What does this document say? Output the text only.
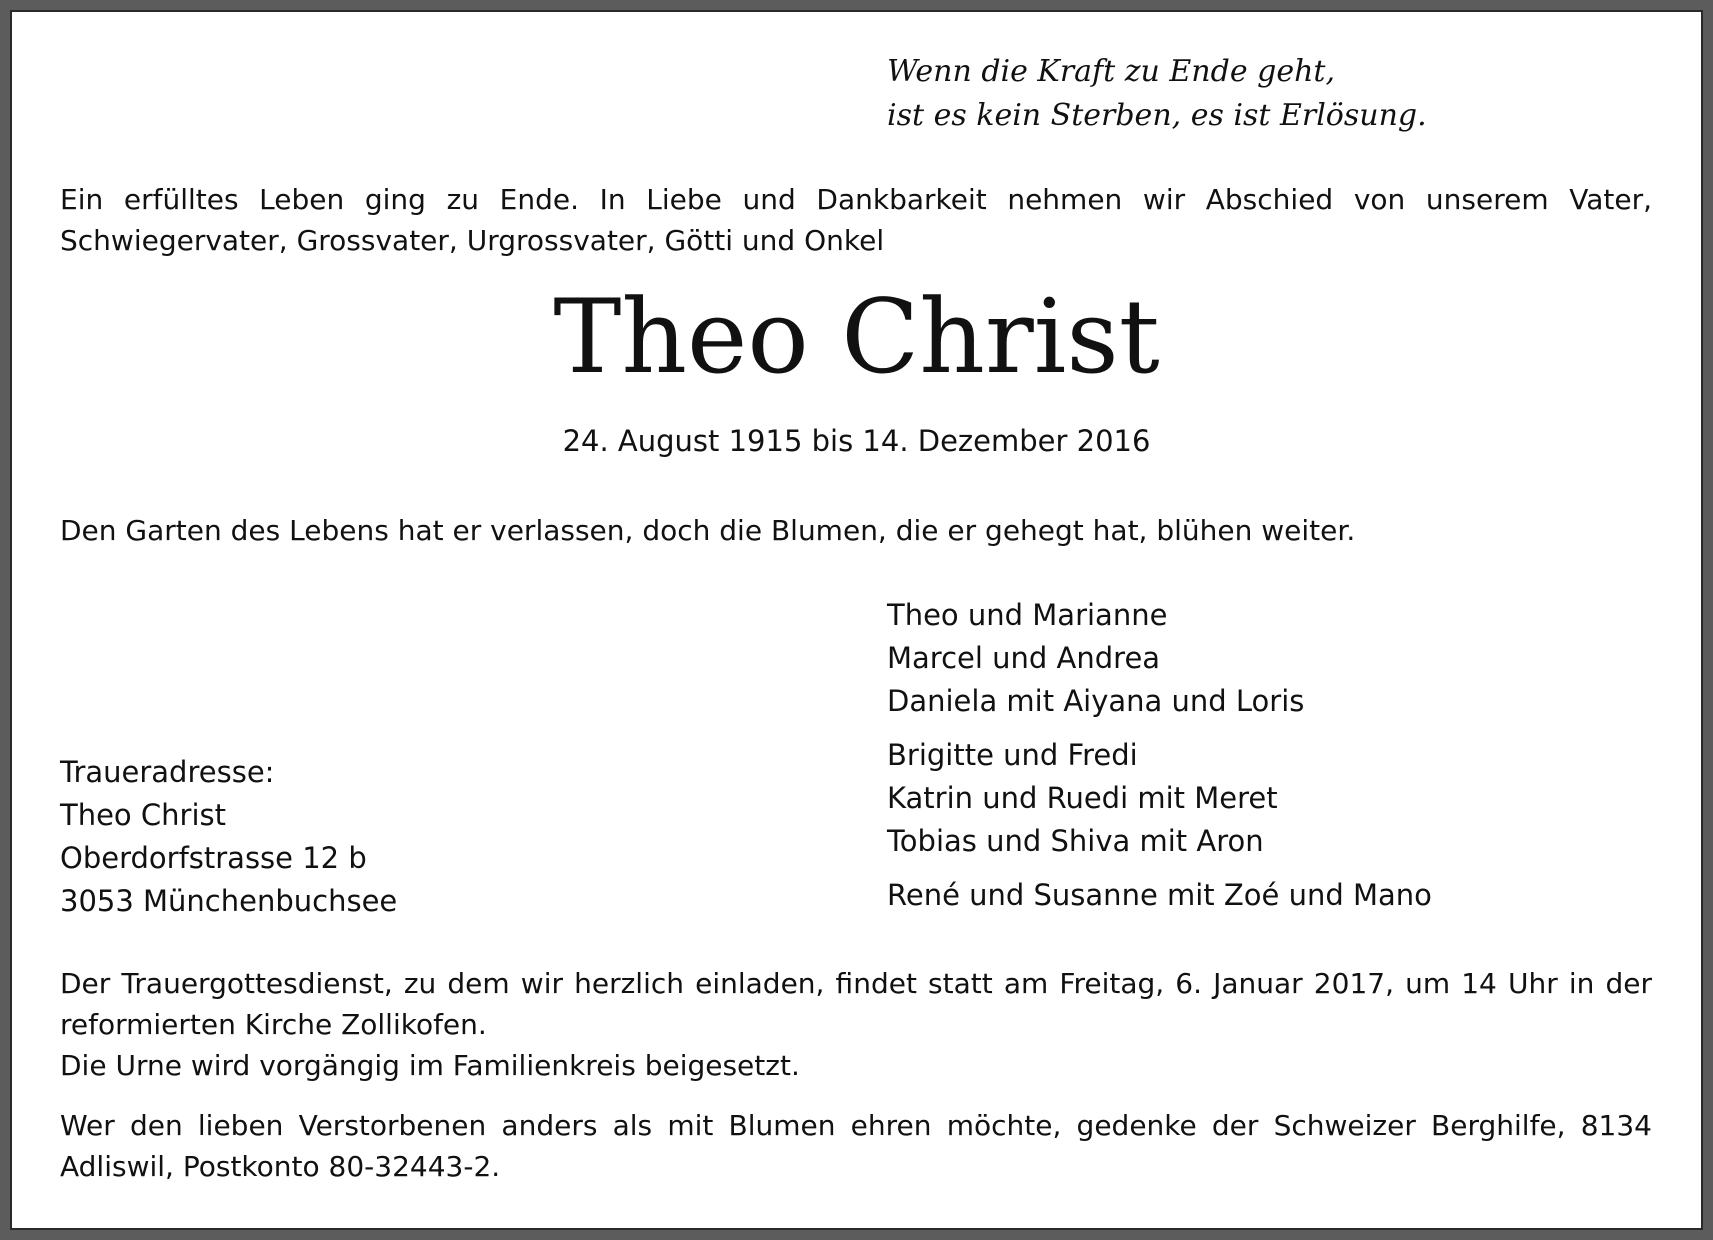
Wenn die Kraft zu Ende geht,
ist es kein Sterben, es ist Erlösung.

Ein erfülltes Leben ging zu Ende. In Liebe und Dankbarkeit nehmen wir Abschied von unserem Vater, Schwiegervater, Grossvater, Urgrossvater, Götti und Onkel

Theo Christ
24. August 1915 bis 14. Dezember 2016

Den Garten des Lebens hat er verlassen, doch die Blumen, die er gehegt hat, blühen weiter.

Theo und Marianne
Marcel und Andrea
Daniela mit Aiyana und Loris
Brigitte und Fredi
Katrin und Ruedi mit Meret
Tobias und Shiva mit Aron
René und Susanne mit Zoé und Mano
Traueradresse:
Theo Christ
Oberdorfstrasse 12 b
3053 Münchenbuchsee

Der Trauergottesdienst, zu dem wir herzlich einladen, findet statt am Freitag, 6. Januar 2017, um 14 Uhr in der reformierten Kirche Zollikofen.

Die Urne wird vorgängig im Familienkreis beigesetzt.

Wer den lieben Verstorbenen anders als mit Blumen ehren möchte, gedenke der Schweizer Berghilfe, 8134 Adliswil, Postkonto 80-32443-2.
